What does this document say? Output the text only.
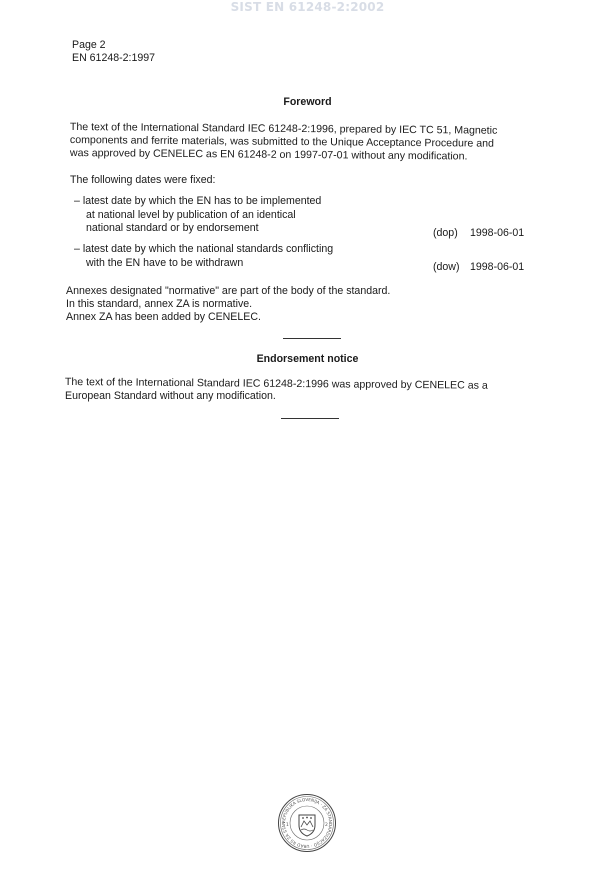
SIST EN 61248-2:2002
Page 2
EN 61248-2:1997
Foreword
The text of the International Standard IEC 61248-2:1996, prepared by IEC TC 51, Magnetic
components and ferrite materials, was submitted to the Unique Acceptance Procedure and
was approved by CENELEC as EN 61248-2 on 1997-07-01 without any modification.
The following dates were fixed:
– latest date by which the EN has to be implemented
at national level by publication of an identical
national standard or by endorsement	(dop) 1998-06-01
– latest date by which the national standards conflicting
with the EN have to be withdrawn	(dow) 1998-06-01
Annexes designated "normative" are part of the body of the standard.
In this standard, annex ZA is normative.
Annex ZA has been added by CENELEC.
Endorsement notice
The text of the International Standard IEC 61248-2:1996 was approved by CENELEC as a
European Standard without any modification.
REPUBLIKA SLOVENIJA · ZA STANDARDIZACIJO · URAD RS ZA STAN 1	2
